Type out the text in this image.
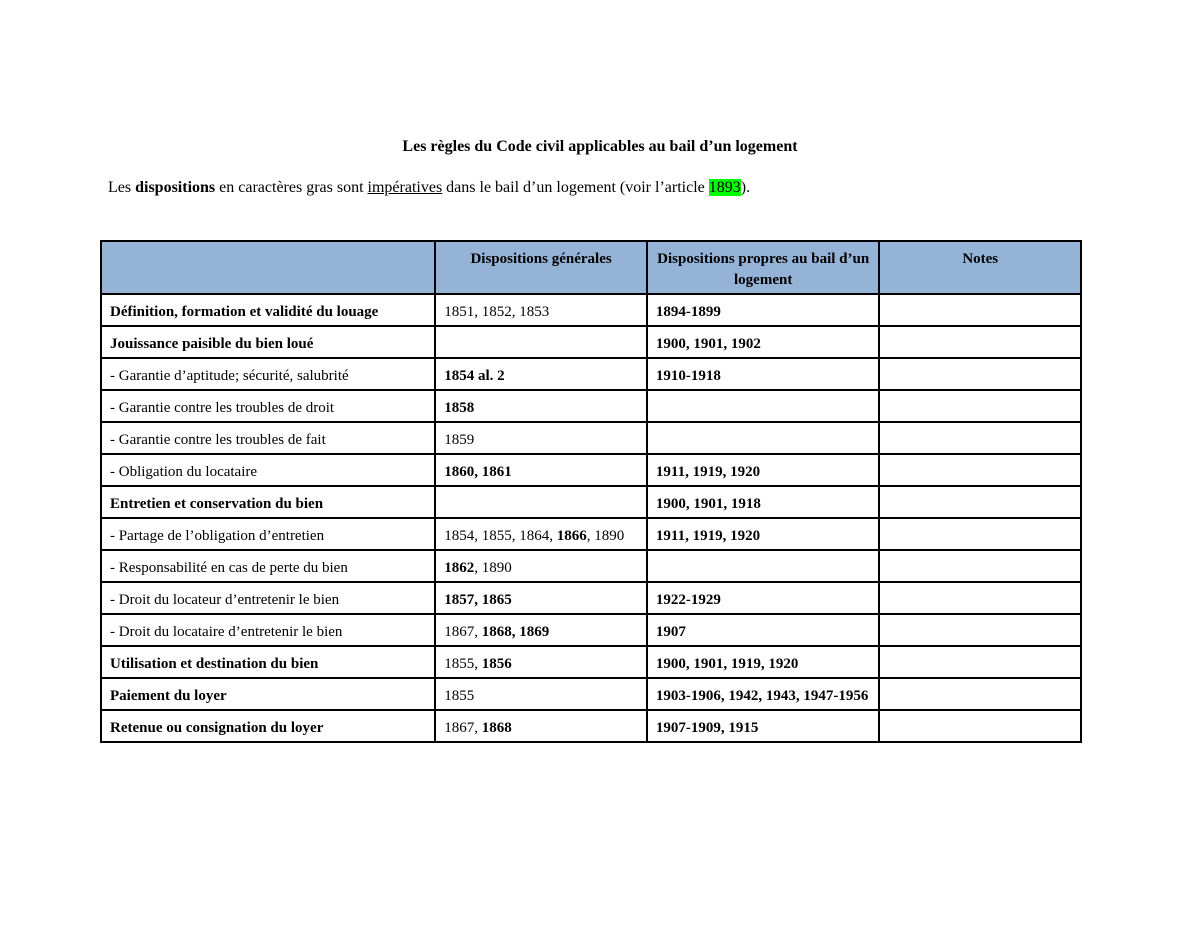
Les règles du Code civil applicables au bail d’un logement
Les dispositions en caractères gras sont impératives dans le bail d’un logement (voir l’article 1893).
	Dispositions générales	Dispositions propres au bail d’un logement	Notes
Définition, formation et validité du louage	1851, 1852, 1853	1894-1899	
Jouissance paisible du bien loué		1900, 1901, 1902	
- Garantie d’aptitude; sécurité, salubrité	1854 al. 2	1910-1918	
- Garantie contre les troubles de droit	1858		
- Garantie contre les troubles de fait	1859		
- Obligation du locataire	1860, 1861	1911, 1919, 1920	
Entretien et conservation du bien		1900, 1901, 1918	
- Partage de l’obligation d’entretien	1854, 1855, 1864, 1866, 1890	1911, 1919, 1920	
- Responsabilité en cas de perte du bien	1862, 1890		
- Droit du locateur d’entretenir le bien	1857, 1865	1922-1929	
- Droit du locataire d’entretenir le bien	1867, 1868, 1869	1907	
Utilisation et destination du bien	1855, 1856	1900, 1901, 1919, 1920	
Paiement du loyer	1855	1903-1906, 1942, 1943, 1947-1956	
Retenue ou consignation du loyer	1867, 1868	1907-1909, 1915	
